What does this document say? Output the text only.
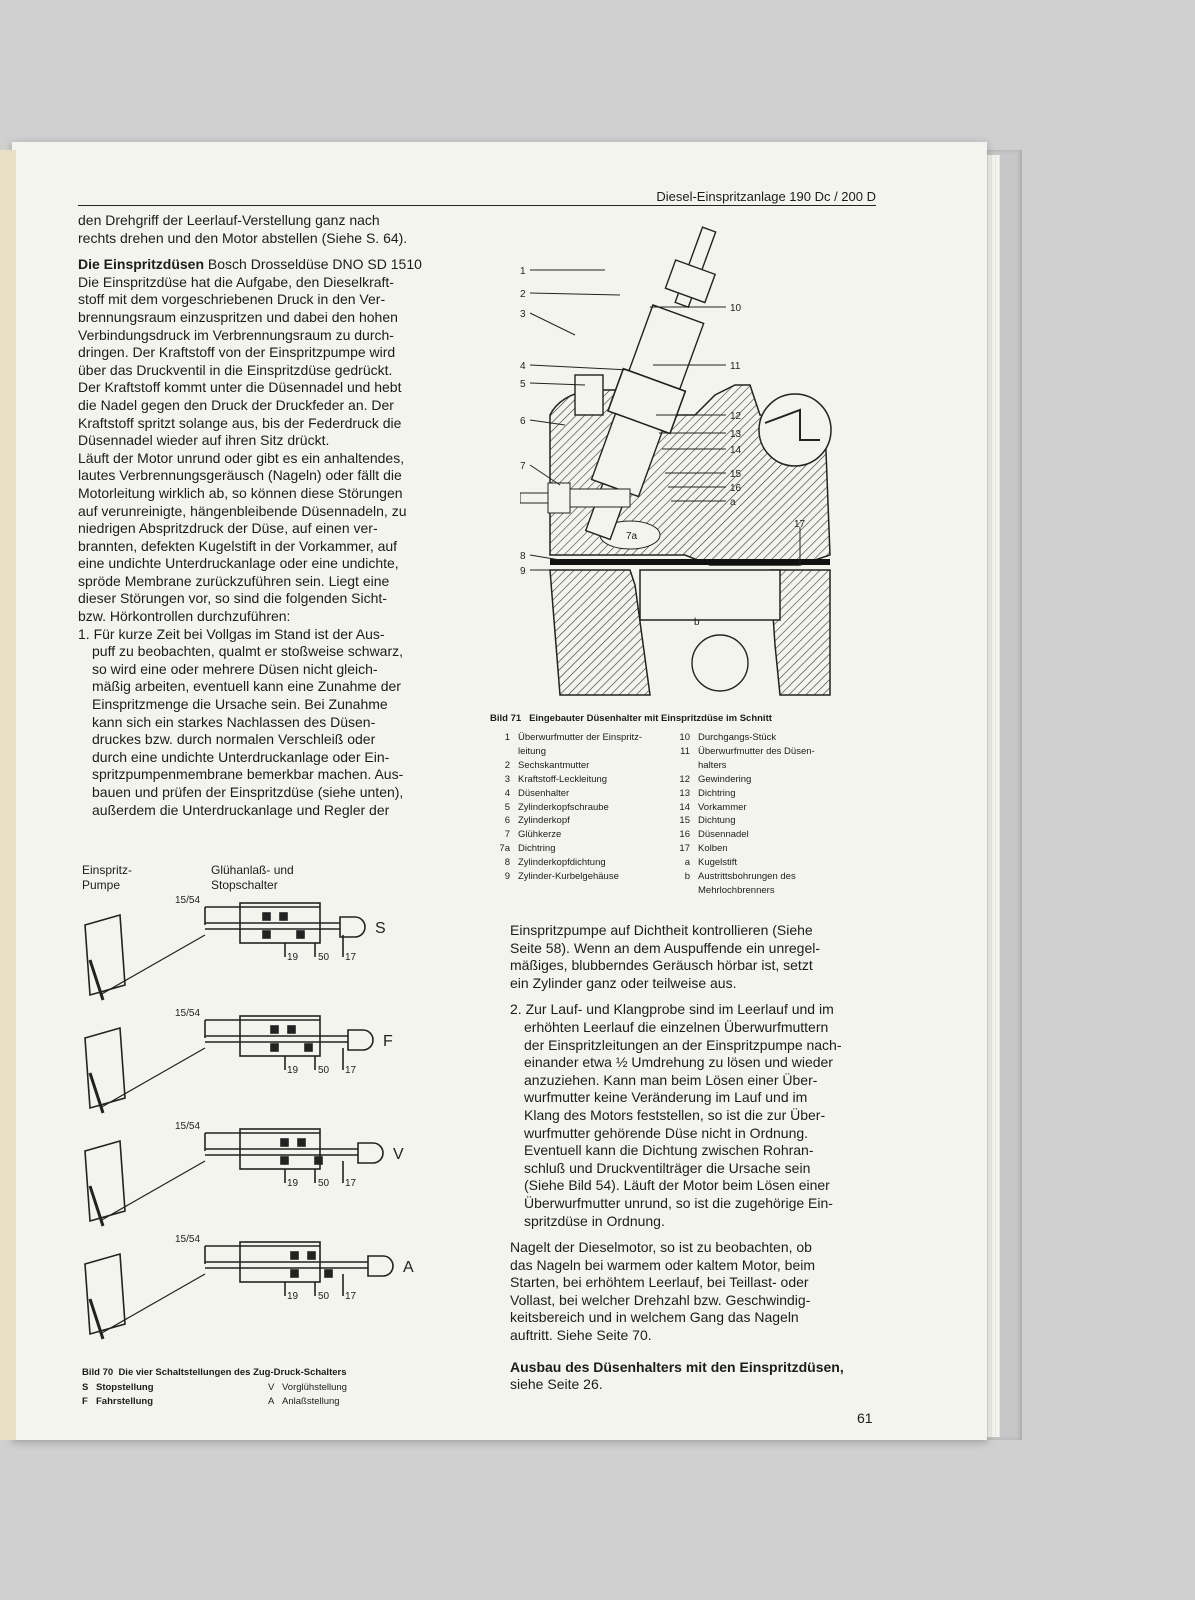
Diesel-Einspritzanlage 190 Dc / 200 D

den Drehgriff der Leerlauf-Verstellung ganz nach

rechts drehen und den Motor abstellen (Siehe S. 64).

Die Einspritzdüsen Bosch Drosseldüse DNO SD 1510

Die Einspritzdüse hat die Aufgabe, den Dieselkraft-

stoff mit dem vorgeschriebenen Druck in den Ver-

brennungsraum einzuspritzen und dabei den hohen

Verbindungsdruck im Verbrennungsraum zu durch-

dringen. Der Kraftstoff von der Einspritzpumpe wird

über das Druckventil in die Einspritzdüse gedrückt.

Der Kraftstoff kommt unter die Düsennadel und hebt

die Nadel gegen den Druck der Druckfeder an. Der

Kraftstoff spritzt solange aus, bis der Federdruck die

Düsennadel wieder auf ihren Sitz drückt.

Läuft der Motor unrund oder gibt es ein anhaltendes,

lautes Verbrennungsgeräusch (Nageln) oder fällt die

Motorleitung wirklich ab, so können diese Störungen

auf verunreinigte, hängenbleibende Düsennadeln, zu

niedrigen Abspritzdruck der Düse, auf einen ver-

brannten, defekten Kugelstift in der Vorkammer, auf

eine undichte Unterdruckanlage oder eine undichte,

spröde Membrane zurückzuführen sein. Liegt eine

dieser Störungen vor, so sind die folgenden Sicht-

bzw. Hörkontrollen durchzuführen:

1. Für kurze Zeit bei Vollgas im Stand ist der Aus-

puff zu beobachten, qualmt er stoßweise schwarz,

so wird eine oder mehrere Düsen nicht gleich-

mäßig arbeiten, eventuell kann eine Zunahme der

Einspritzmenge die Ursache sein. Bei Zunahme

kann sich ein starkes Nachlassen des Düsen-

druckes bzw. durch normalen Verschleiß oder

durch eine undichte Unterdruckanlage oder Ein-

spritzpumpenmembrane bemerkbar machen. Aus-

bauen und prüfen der Einspritzdüse (siehe unten),

außerdem die Unterdruckanlage und Regler der

Einspritz-
Pumpe
Glühanlaß- und
Stopschalter
15/54
19 50 17
S
15/54
19 50 17
F
15/54
19 50 17
V
15/54
19 50 17
A
Bild 70 Die vier Schaltstellungen des Zug-Druck-Schalters
S Stopstellung
F Fahrstellung
V Vorglühstellung
A Anlaßstellung
1
2
3
4
5
6
7
8
9
10
11
12
13
14
15
16
a
17
7a
b
Bild 71 Eingebauter Düsenhalter mit Einspritzdüse im Schnitt
1 Überwurfmutter der Einspritz-
leitung
2 Sechskantmutter
3 Kraftstoff-Leckleitung
4 Düsenhalter
5 Zylinderkopfschraube
6 Zylinderkopf
7 Glühkerze
7a Dichtring
8 Zylinderkopfdichtung
9 Zylinder-Kurbelgehäuse
10 Durchgangs-Stück
11 Überwurfmutter des Düsen-
halters
12 Gewindering
13 Dichtring
14 Vorkammer
15 Dichtung
16 Düsennadel
17 Kolben
a Kugelstift
b Austrittsbohrungen des
Mehrlochbrenners

Einspritzpumpe auf Dichtheit kontrollieren (Siehe

Seite 58). Wenn an dem Auspuffende ein unregel-

mäßiges, blubberndes Geräusch hörbar ist, setzt

ein Zylinder ganz oder teilweise aus.

2. Zur Lauf- und Klangprobe sind im Leerlauf und im

erhöhten Leerlauf die einzelnen Überwurfmuttern

der Einspritzleitungen an der Einspritzpumpe nach-

einander etwa ½ Umdrehung zu lösen und wieder

anzuziehen. Kann man beim Lösen einer Über-

wurfmutter keine Veränderung im Lauf und im

Klang des Motors feststellen, so ist die zur Über-

wurfmutter gehörende Düse nicht in Ordnung.

Eventuell kann die Dichtung zwischen Rohran-

schluß und Druckventilträger die Ursache sein

(Siehe Bild 54). Läuft der Motor beim Lösen einer

Überwurfmutter unrund, so ist die zugehörige Ein-

spritzdüse in Ordnung.

Nagelt der Dieselmotor, so ist zu beobachten, ob

das Nageln bei warmem oder kaltem Motor, beim

Starten, bei erhöhtem Leerlauf, bei Teillast- oder

Vollast, bei welcher Drehzahl bzw. Geschwindig-

keitsbereich und in welchem Gang das Nageln

auftritt. Siehe Seite 70.

Ausbau des Düsenhalters mit den Einspritzdüsen,

siehe Seite 26.

61
